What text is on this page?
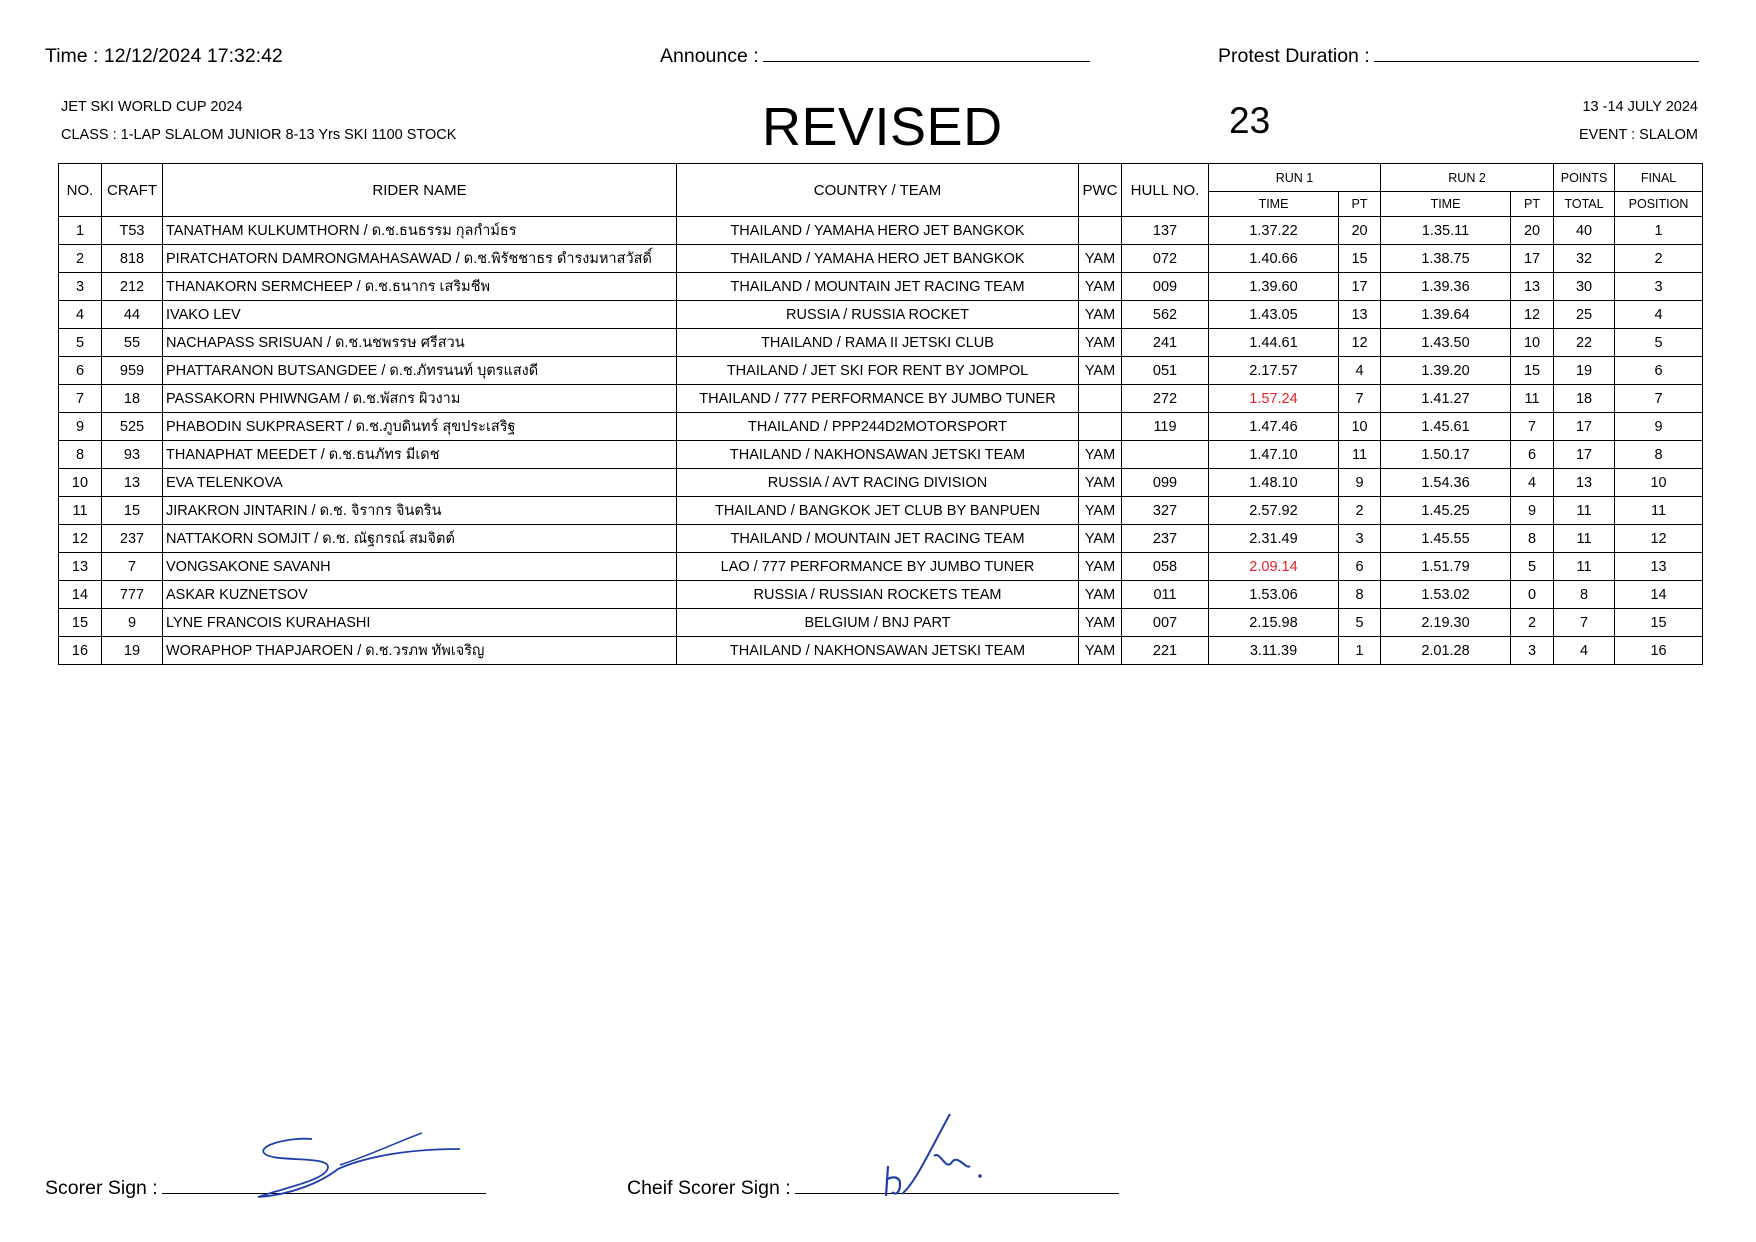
Time : 12/12/2024 17:32:42	Announce :	Protest Duration :
JET SKI WORLD CUP 2024
CLASS : 1-LAP SLALOM JUNIOR 8-13 Yrs SKI 1100 STOCK	REVISED	23	13 -14 JULY 2024
EVENT : SLALOM
NO.	CRAFT	RIDER NAME	COUNTRY / TEAM	PWC	HULL NO.	RUN 1		RUN 2		POINTS	FINAL
						TIME	PT	TIME	PT	TOTAL	POSITION
1	T53	TANATHAM KULKUMTHORN / ด.ช.ธนธรรม กุลกำม์ธร	THAILAND / YAMAHA HERO JET BANGKOK		137	1.37.22	20	1.35.11	20	40	1
2	818	PIRATCHATORN DAMRONGMAHASAWAD / ด.ช.พิรัชชาธร ดำรงมหาสวัสดิ์	THAILAND / YAMAHA HERO JET BANGKOK	YAM	072	1.40.66	15	1.38.75	17	32	2
3	212	THANAKORN SERMCHEEP / ด.ช.ธนากร เสริมชีพ	THAILAND / MOUNTAIN JET RACING TEAM	YAM	009	1.39.60	17	1.39.36	13	30	3
4	44	IVAKO LEV	RUSSIA / RUSSIA ROCKET	YAM	562	1.43.05	13	1.39.64	12	25	4
5	55	NACHAPASS SRISUAN / ด.ช.นชพรรษ ศรีสวน	THAILAND / RAMA II JETSKI CLUB	YAM	241	1.44.61	12	1.43.50	10	22	5
6	959	PHATTARANON BUTSANGDEE / ด.ช.ภัทรนนท์ บุตรแสงดี	THAILAND / JET SKI FOR RENT BY JOMPOL	YAM	051	2.17.57	4	1.39.20	15	19	6
7	18	PASSAKORN PHIWNGAM / ด.ช.พัสกร ผิวงาม	THAILAND / 777 PERFORMANCE BY JUMBO TUNER		272	1.57.24	7	1.41.27	11	18	7
9	525	PHABODIN SUKPRASERT / ด.ช.ภูบดินทร์ สุขประเสริฐ	THAILAND / PPP244D2MOTORSPORT		119	1.47.46	10	1.45.61	7	17	9
8	93	THANAPHAT MEEDET / ด.ช.ธนภัทร มีเดช	THAILAND / NAKHONSAWAN JETSKI TEAM	YAM		1.47.10	11	1.50.17	6	17	8
10	13	EVA TELENKOVA	RUSSIA / AVT RACING DIVISION	YAM	099	1.48.10	9	1.54.36	4	13	10
11	15	JIRAKRON JINTARIN / ด.ช. จิรากร จินตริน	THAILAND / BANGKOK JET CLUB BY BANPUEN	YAM	327	2.57.92	2	1.45.25	9	11	11
12	237	NATTAKORN SOMJIT / ด.ช. ณัฐกรณ์ สมจิตต์	THAILAND / MOUNTAIN JET RACING TEAM	YAM	237	2.31.49	3	1.45.55	8	11	12
13	7	VONGSAKONE SAVANH	LAO / 777 PERFORMANCE BY JUMBO TUNER	YAM	058	2.09.14	6	1.51.79	5	11	13
14	777	ASKAR KUZNETSOV	RUSSIA / RUSSIAN ROCKETS TEAM	YAM	011	1.53.06	8	1.53.02	0	8	14
15	9	LYNE FRANCOIS KURAHASHI	BELGIUM / BNJ PART	YAM	007	2.15.98	5	2.19.30	2	7	15
16	19	WORAPHOP THAPJAROEN / ด.ช.วรภพ ทัพเจริญ	THAILAND / NAKHONSAWAN JETSKI TEAM	YAM	221	3.11.39	1	2.01.28	3	4	16
Scorer Sign :	Cheif Scorer Sign :
